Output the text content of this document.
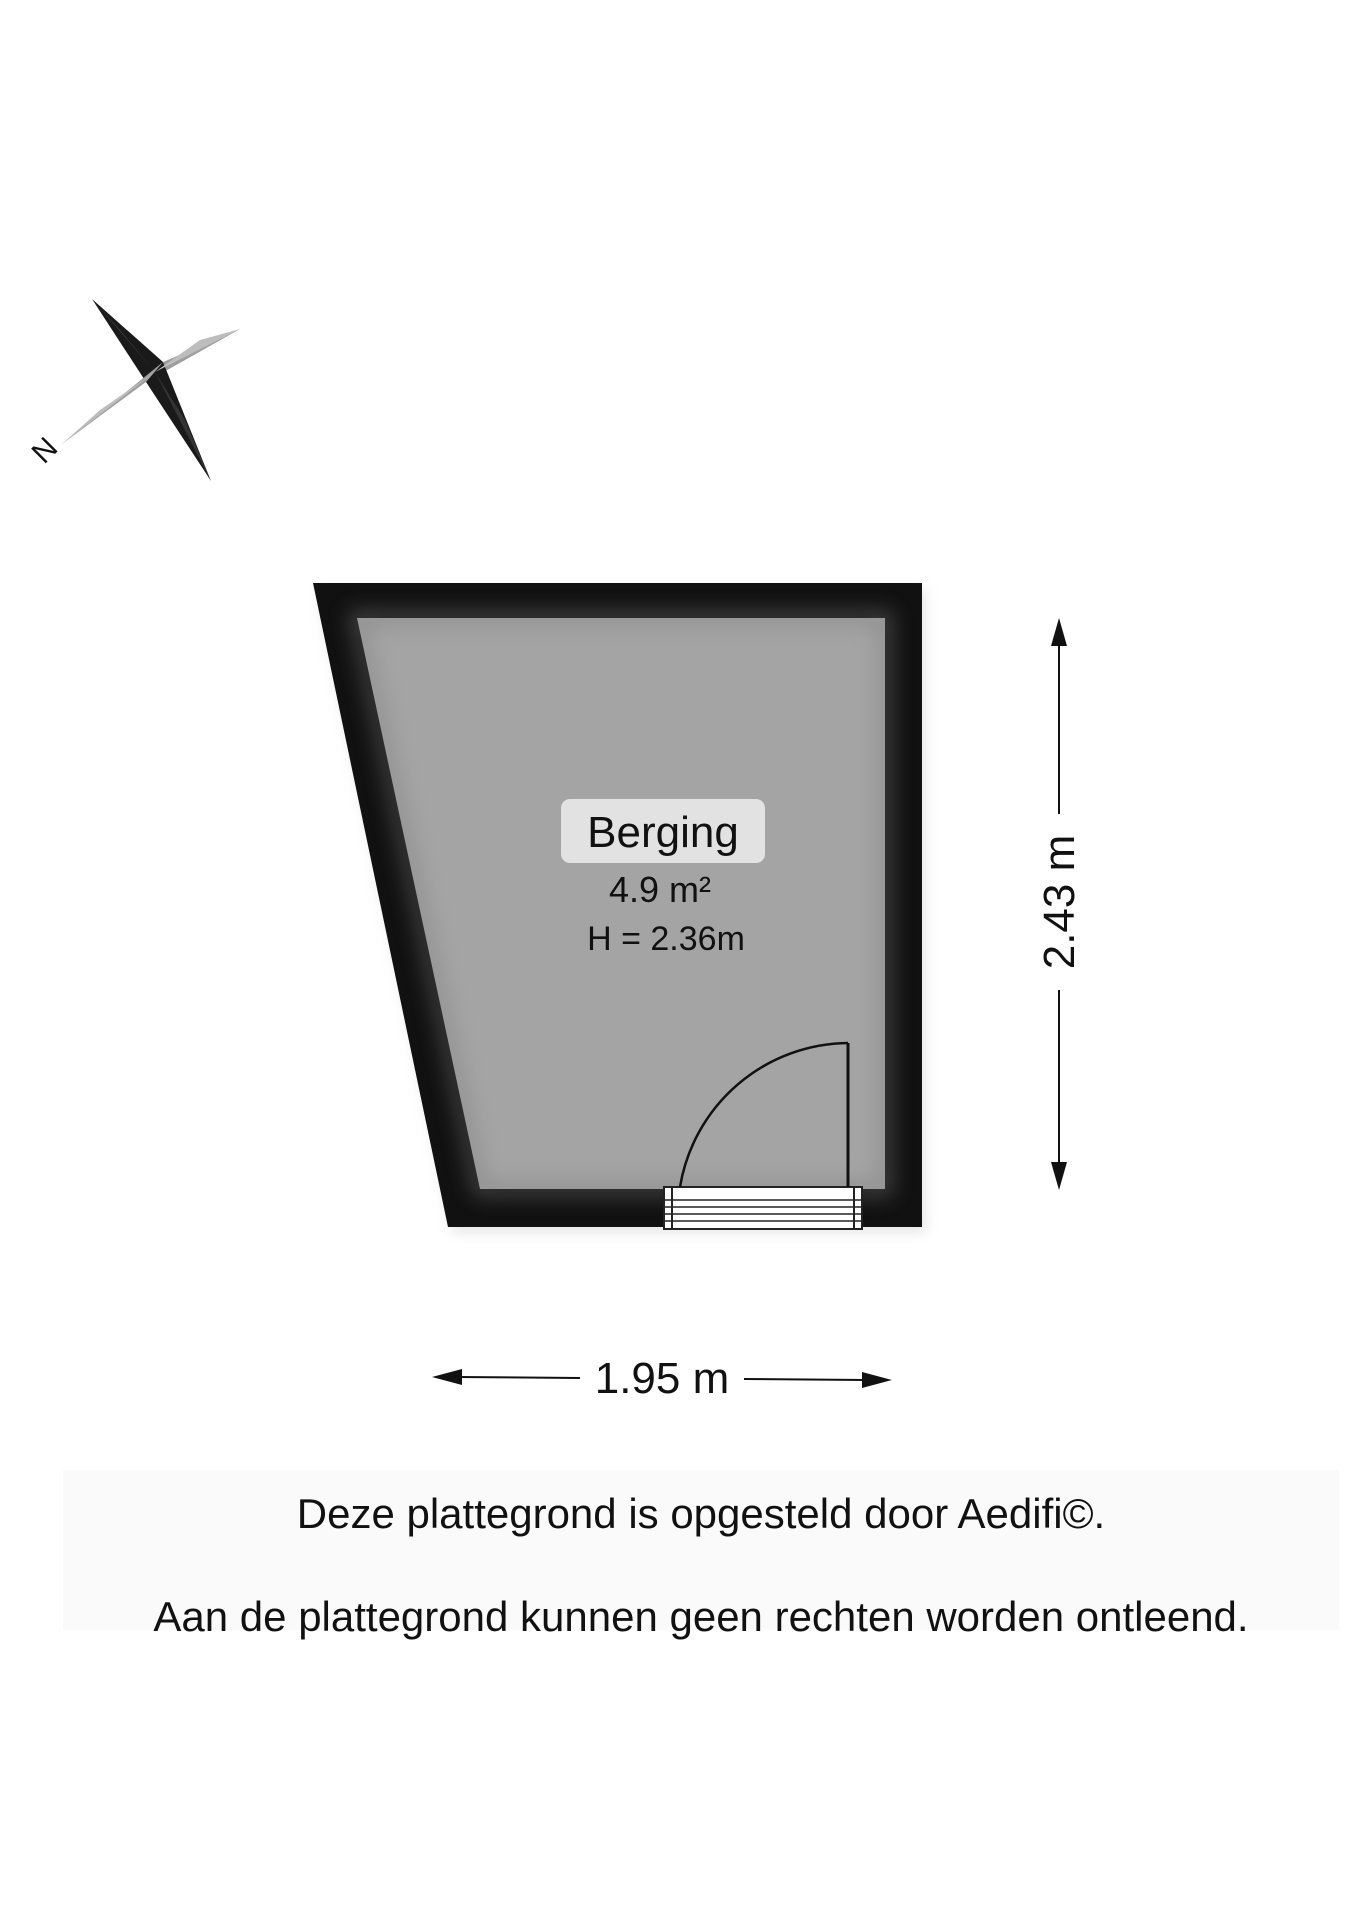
N
Berging
4.9 m²
H = 2.36m
1.95 m
2.43 m
Deze plattegrond is opgesteld door Aedifi©.
Aan de plattegrond kunnen geen rechten worden ontleend.
